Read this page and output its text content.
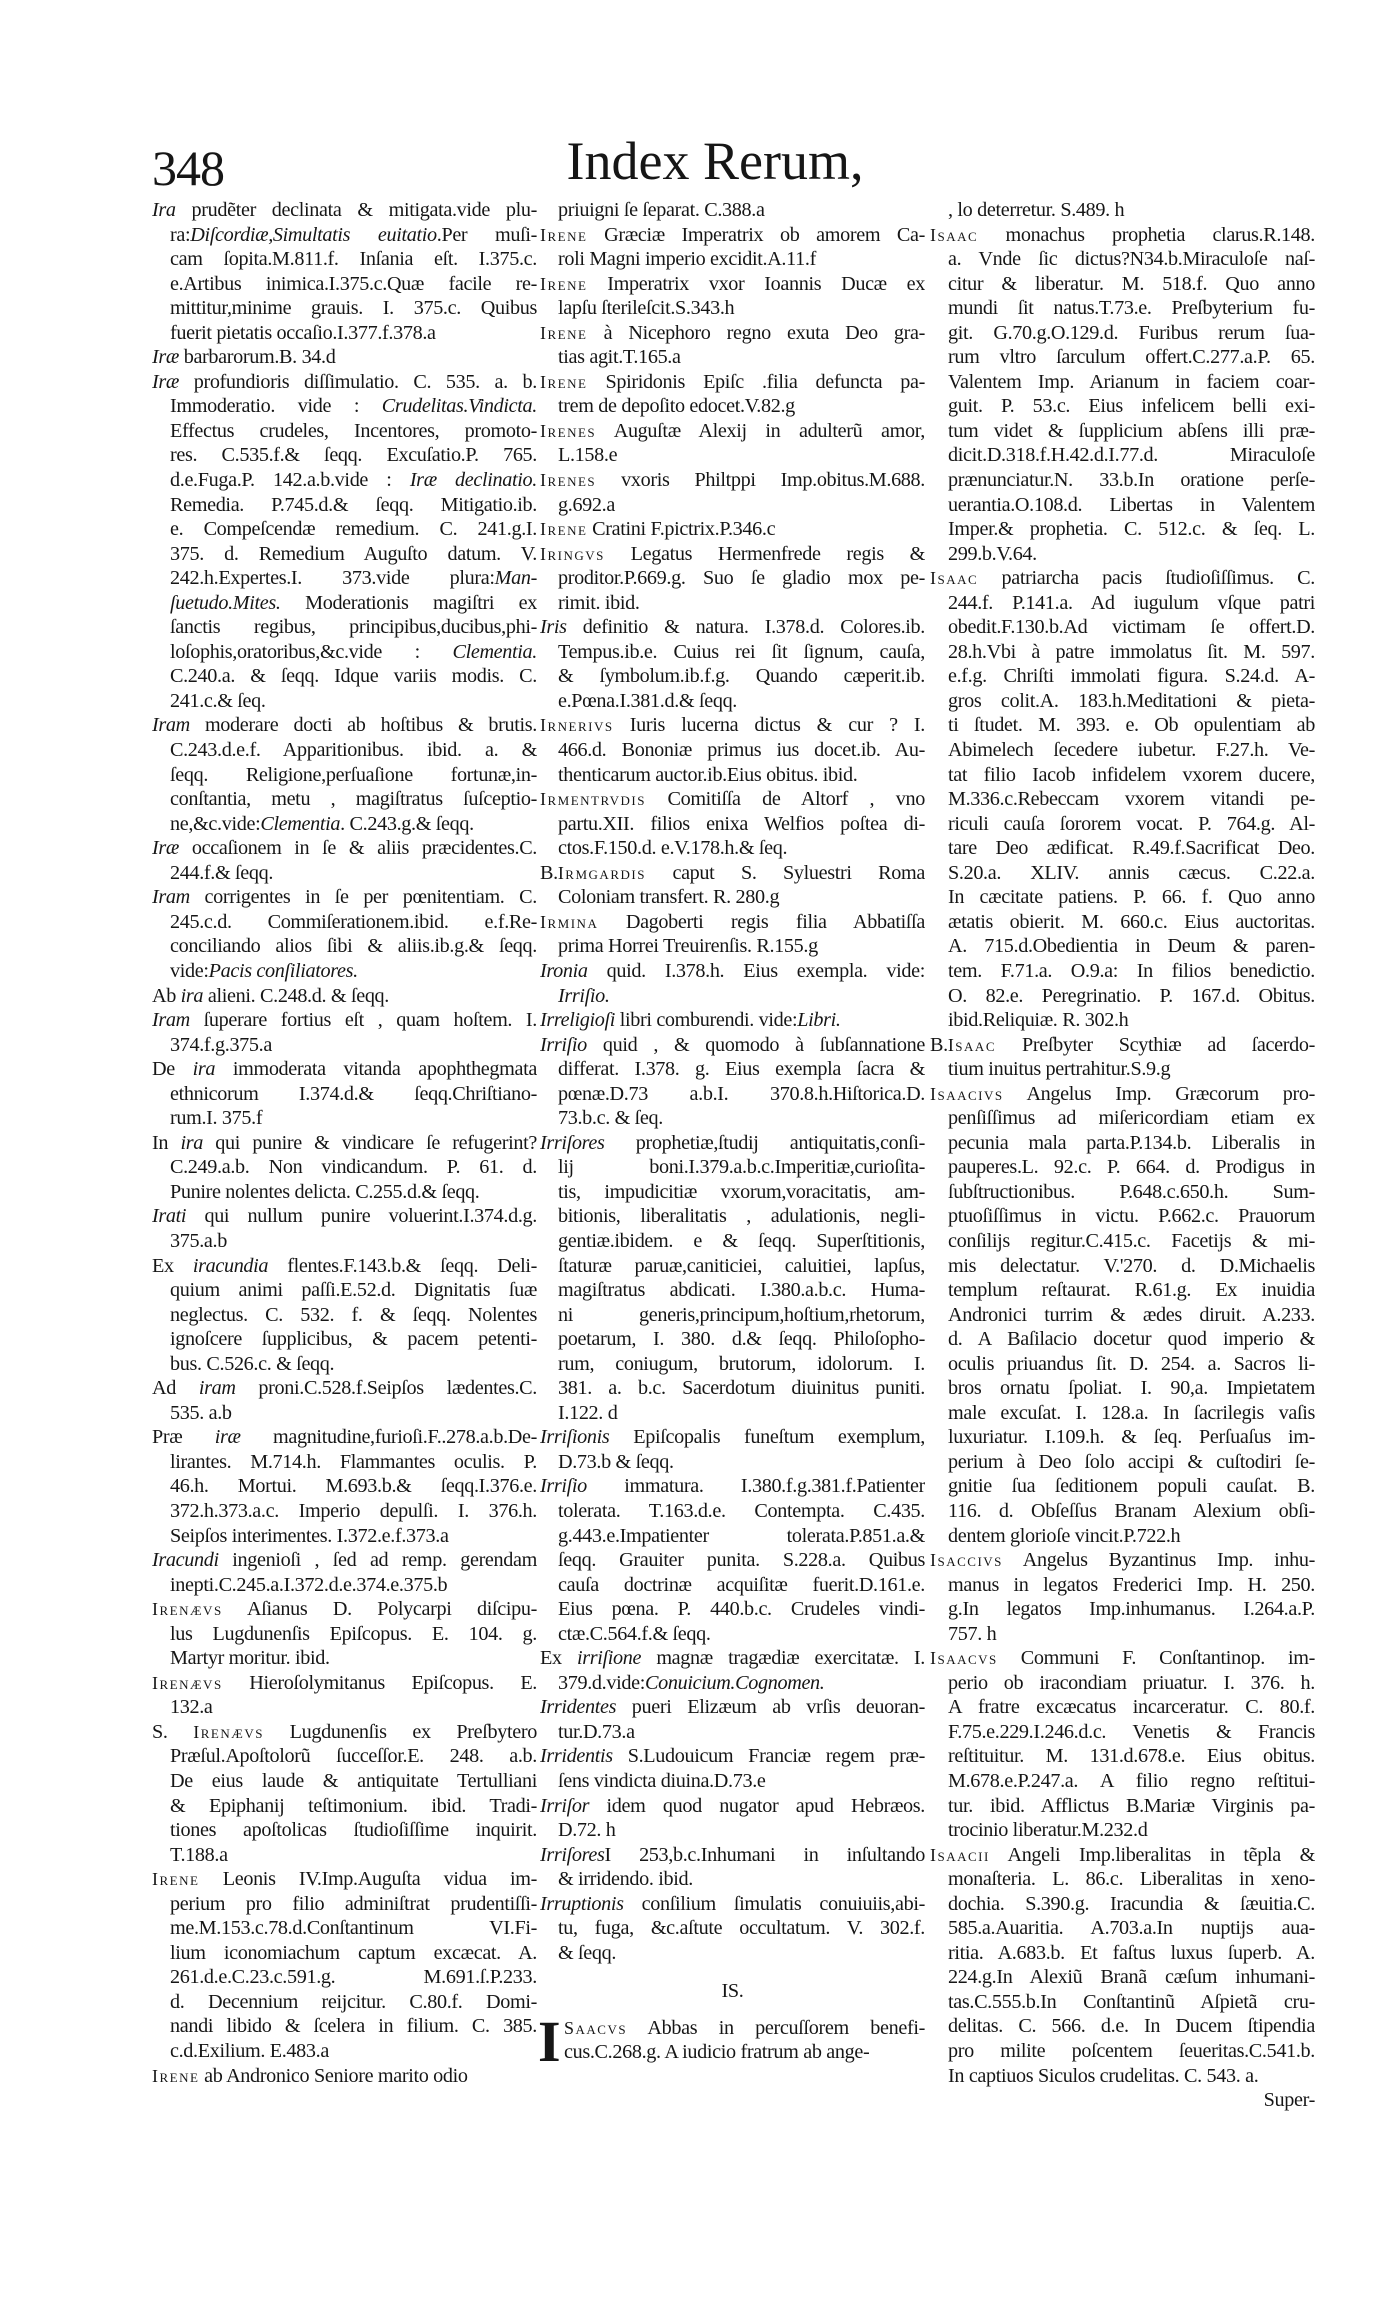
348	Index Rerum,
Ira prudẽter declinata & mitigata.vide plu-
ra:Diſcordiæ,Simultatis euitatio.Per muſi-
cam ſopita.M.811.f. Inſania eſt. I.375.c.
e.Artibus inimica.I.375.c.Quæ facile re-
mittitur,minime grauis. I. 375.c. Quibus
fuerit pietatis occaſio.I.377.f.378.a
Iræ barbarorum.B. 34.d
Iræ profundioris diſſimulatio. C. 535. a. b.
Immoderatio. vide : Crudelitas.Vindicta.
Effectus crudeles, Incentores, promoto-
res. C.535.f.& ſeqq. Excuſatio.P. 765.
d.e.Fuga.P. 142.a.b.vide : Iræ declinatio.
Remedia. P.745.d.& ſeqq. Mitigatio.ib.
e. Compeſcendæ remedium. C. 241.g.I.
375. d. Remedium Auguſto datum. V.
242.h.Expertes.I. 373.vide plura:Man-
ſuetudo.Mites. Moderationis magiſtri ex
ſanctis regibus, principibus,ducibus,phi-
loſophis,oratoribus,&c.vide : Clementia.
C.240.a. & ſeqq. Idque variis modis. C.
241.c.& ſeq.
Iram moderare docti ab hoſtibus & brutis.
C.243.d.e.f. Apparitionibus. ibid. a. &
ſeqq. Religione,perſuaſione fortunæ,in-
conſtantia, metu , magiſtratus ſuſceptio-
ne,&c.vide:Clementia. C.243.g.& ſeqq.
Iræ occaſionem in ſe & aliis præcidentes.C.
244.f.& ſeqq.
Iram corrigentes in ſe per pœnitentiam. C.
245.c.d. Commiſerationem.ibid. e.f.Re-
conciliando alios ſibi & aliis.ib.g.& ſeqq.
vide:Pacis conſiliatores.
Ab ira alieni. C.248.d. & ſeqq.
Iram ſuperare fortius eſt , quam hoſtem. I.
374.f.g.375.a
De ira immoderata vitanda apophthegmata
ethnicorum I.374.d.& ſeqq.Chriſtiano-
rum.I. 375.f
In ira qui punire & vindicare ſe refugerint?
C.249.a.b. Non vindicandum. P. 61. d.
Punire nolentes delicta. C.255.d.& ſeqq.
Irati qui nullum punire voluerint.I.374.d.g.
375.a.b
Ex iracundia flentes.F.143.b.& ſeqq. Deli-
quium animi paſſi.E.52.d. Dignitatis ſuæ
neglectus. C. 532. f. & ſeqq. Nolentes
ignoſcere ſupplicibus, & pacem petenti-
bus. C.526.c. & ſeqq.
Ad iram proni.C.528.f.Seipſos lædentes.C.
535. a.b
Præ iræ magnitudine,furioſi.F..278.a.b.De-
lirantes. M.714.h. Flammantes oculis. P.
46.h. Mortui. M.693.b.& ſeqq.I.376.e.
372.h.373.a.c. Imperio depulſi. I. 376.h.
Seipſos interimentes. I.372.e.f.373.a
Iracundi ingenioſi , ſed ad remp. gerendam
inepti.C.245.a.I.372.d.e.374.e.375.b
Irenævs Aſianus D. Polycarpi diſcipu-
lus Lugdunenſis Epiſcopus. E. 104. g.
Martyr moritur. ibid.
Irenævs Hieroſolymitanus Epiſcopus. E.
132.a
S. Irenævs Lugdunenſis ex Preſbytero
Præſul.Apoſtolorũ ſucceſſor.E. 248. a.b.
De eius laude & antiquitate Tertulliani
& Epiphanij teſtimonium. ibid. Tradi-
tiones apoſtolicas ſtudioſiſſime inquirit.
T.188.a
Irene Leonis IV.Imp.Auguſta vidua im-
perium pro filio adminiſtrat prudentiſſi-
me.M.153.c.78.d.Conſtantinum VI.Fi-
lium iconomiachum captum excæcat. A.
261.d.e.C.23.c.591.g. M.691.ſ.P.233.
d. Decennium reijcitur. C.80.f. Domi-
nandi libido & ſcelera in filium. C. 385.
c.d.Exilium. E.483.a
Irene ab Andronico Seniore marito odio
priuigni ſe ſeparat. C.388.a
Irene Græciæ Imperatrix ob amorem Ca-
roli Magni imperio excidit.A.11.f
Irene Imperatrix vxor Ioannis Ducæ ex
lapſu ſterileſcit.S.343.h
Irene à Nicephoro regno exuta Deo gra-
tias agit.T.165.a
Irene Spiridonis Epiſc .filia defuncta pa-
trem de depoſito edocet.V.82.g
Irenes Auguſtæ Alexij in adulterũ amor,
L.158.e
Irenes vxoris Philtppi Imp.obitus.M.688.
g.692.a
Irene Cratini F.pictrix.P.346.c
Iringvs Legatus Hermenfrede regis &
proditor.P.669.g. Suo ſe gladio mox pe-
rimit. ibid.
Iris definitio & natura. I.378.d. Colores.ib.
Tempus.ib.e. Cuius rei ſit ſignum, cauſa,
& ſymbolum.ib.f.g. Quando cæperit.ib.
e.Pœna.I.381.d.& ſeqq.
Irnerivs Iuris lucerna dictus & cur ? I.
466.d. Bononiæ primus ius docet.ib. Au-
thenticarum auctor.ib.Eius obitus. ibid.
Irmentrvdis Comitiſſa de Altorf , vno
partu.XII. filios enixa Welfios poſtea di-
ctos.F.150.d. e.V.178.h.& ſeq.
B.Irmgardis caput S. Syluestri Roma
Coloniam transfert. R. 280.g
Irmina Dagoberti regis filia Abbatiſſa
prima Horrei Treuirenſis. R.155.g
Ironia quid. I.378.h. Eius exempla. vide:
Irriſio.
Irreligioſi libri comburendi. vide:Libri.
Irriſio quid , & quomodo à ſubſannatione
differat. I.378. g. Eius exempla ſacra &
pœnæ.D.73 a.b.I. 370.8.h.Hiſtorica.D.
73.b.c. & ſeq.
Irriſores prophetiæ,ſtudij antiquitatis,conſi-
lij boni.I.379.a.b.c.Imperitiæ,curioſita-
tis, impudicitiæ vxorum,voracitatis, am-
bitionis, liberalitatis , adulationis, negli-
gentiæ.ibidem. e & ſeqq. Superſtitionis,
ſtaturæ paruæ,caniticiei, caluitiei, lapſus,
magiſtratus abdicati. I.380.a.b.c. Huma-
ni generis,principum,hoſtium,rhetorum,
poetarum, I. 380. d.& ſeqq. Philoſopho-
rum, coniugum, brutorum, idolorum. I.
381. a. b.c. Sacerdotum diuinitus puniti.
I.122. d
Irriſionis Epiſcopalis funeſtum exemplum,
D.73.b & ſeqq.
Irriſio immatura. I.380.f.g.381.f.Patienter
tolerata. T.163.d.e. Contempta. C.435.
g.443.e.Impatienter tolerata.P.851.a.&
ſeqq. Grauiter punita. S.228.a. Quibus
cauſa doctrinæ acquiſitæ fuerit.D.161.e.
Eius pœna. P. 440.b.c. Crudeles vindi-
ctæ.C.564.f.& ſeqq.
Ex irriſione magnæ tragædiæ exercitatæ. I.
379.d.vide:Conuicium.Cognomen.
Irridentes pueri Elizæum ab vrſis deuoran-
tur.D.73.a
Irridentis S.Ludouicum Franciæ regem præ-
ſens vindicta diuina.D.73.e
Irriſor idem quod nugator apud Hebræos.
D.72. h
IrriſoresI 253,b.c.Inhumani in inſultando
& irridendo. ibid.
Irruptionis conſilium ſimulatis conuiuiis,abi-
tu, fuga, &c.aſtute occultatum. V. 302.f.
& ſeqq.
IS.
I Saacvs Abbas in percuſſorem benefi-
cus.C.268.g. A iudicio fratrum ab ange-
, lo deterretur. S.489. h
Isaac monachus prophetia clarus.R.148.
a. Vnde ſic dictus?N34.b.Miraculoſe naſ-
citur & liberatur. M. 518.f. Quo anno
mundi ſit natus.T.73.e. Preſbyterium fu-
git. G.70.g.O.129.d. Furibus rerum ſua-
rum vltro ſarculum offert.C.277.a.P. 65.
Valentem Imp. Arianum in faciem coar-
guit. P. 53.c. Eius infelicem belli exi-
tum videt & ſupplicium abſens illi præ-
dicit.D.318.f.H.42.d.I.77.d. Miraculoſe
prænunciatur.N. 33.b.In oratione perſe-
uerantia.O.108.d. Libertas in Valentem
Imper.& prophetia. C. 512.c. & ſeq. L.
299.b.V.64.
Isaac patriarcha pacis ſtudioſiſſimus. C.
244.f. P.141.a. Ad iugulum vſque patri
obedit.F.130.b.Ad victimam ſe offert.D.
28.h.Vbi à patre immolatus ſit. M. 597.
e.f.g. Chriſti immolati figura. S.24.d. A-
gros colit.A. 183.h.Meditationi & pieta-
ti ſtudet. M. 393. e. Ob opulentiam ab
Abimelech ſecedere iubetur. F.27.h. Ve-
tat filio Iacob infidelem vxorem ducere,
M.336.c.Rebeccam vxorem vitandi pe-
riculi cauſa ſororem vocat. P. 764.g. Al-
tare Deo ædificat. R.49.f.Sacrificat Deo.
S.20.a. XLIV. annis cæcus. C.22.a.
In cæcitate patiens. P. 66. f. Quo anno
ætatis obierit. M. 660.c. Eius auctoritas.
A. 715.d.Obedientia in Deum & paren-
tem. F.71.a. O.9.a: In filios benedictio.
O. 82.e. Peregrinatio. P. 167.d. Obitus.
ibid.Reliquiæ. R. 302.h
B.Isaac Preſbyter Scythiæ ad ſacerdo-
tium inuitus pertrahitur.S.9.g
Isaacivs Angelus Imp. Græcorum pro-
penſiſſimus ad miſericordiam etiam ex
pecunia mala parta.P.134.b. Liberalis in
pauperes.L. 92.c. P. 664. d. Prodigus in
ſubſtructionibus. P.648.c.650.h. Sum-
ptuoſiſſimus in victu. P.662.c. Prauorum
conſilijs regitur.C.415.c. Facetijs & mi-
mis delectatur. V.'270. d. D.Michaelis
templum reſtaurat. R.61.g. Ex inuidia
Andronici turrim & ædes diruit. A.233.
d. A Baſilacio docetur quod imperio &
oculis priuandus ſit. D. 254. a. Sacros li-
bros ornatu ſpoliat. I. 90,a. Impietatem
male excuſat. I. 128.a. In ſacrilegis vaſis
luxuriatur. I.109.h. & ſeq. Perſuaſus im-
perium à Deo ſolo accipi & cuſtodiri ſe-
gnitie ſua ſeditionem populi cauſat. B.
116. d. Obſeſſus Branam Alexium obſi-
dentem glorioſe vincit.P.722.h
Isaccivs Angelus Byzantinus Imp. inhu-
manus in legatos Frederici Imp. H. 250.
g.In legatos Imp.inhumanus. I.264.a.P.
757. h
Isaacvs Communi F. Conſtantinop. im-
perio ob iracondiam priuatur. I. 376. h.
A fratre excæcatus incarceratur. C. 80.f.
F.75.e.229.I.246.d.c. Venetis & Francis
reſtituitur. M. 131.d.678.e. Eius obitus.
M.678.e.P.247.a. A filio regno reſtitui-
tur. ibid. Afflictus B.Mariæ Virginis pa-
trocinio liberatur.M.232.d
Isaacii Angeli Imp.liberalitas in tẽpla &
monaſteria. L. 86.c. Liberalitas in xeno-
dochia. S.390.g. Iracundia & ſæuitia.C.
585.a.Auaritia. A.703.a.In nuptijs aua-
ritia. A.683.b. Et faſtus luxus ſuperb. A.
224.g.In Alexiũ Branã cæſum inhumani-
tas.C.555.b.In Conſtantinũ Aſpietã cru-
delitas. C. 566. d.e. In Ducem ſtipendia
pro milite poſcentem ſeueritas.C.541.b.
In captiuos Siculos crudelitas. C. 543. a.
Super-
